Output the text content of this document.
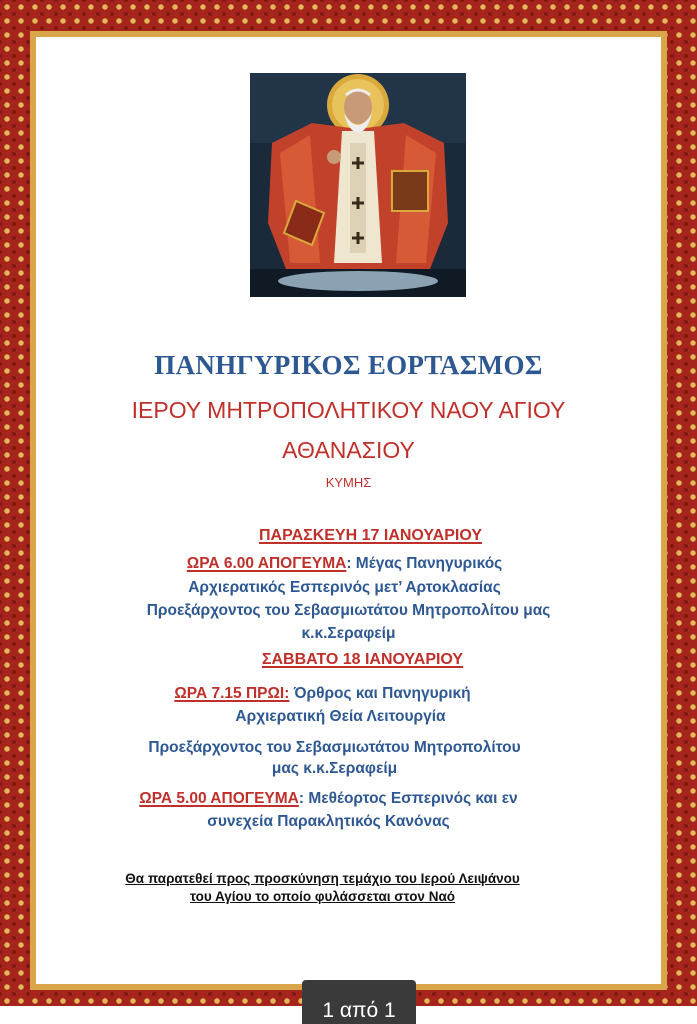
ΠΑΝΗΓΥΡΙΚΟΣ ΕΟΡΤΑΣΜΟΣ

ΙΕΡΟΥ ΜΗΤΡΟΠΟΛΗΤΙΚΟΥ ΝΑΟΥ ΑΓΙΟΥ

ΑΘΑΝΑΣΙΟΥ

ΚΥΜΗΣ

ΠΑΡΑΣΚΕΥΗ 17 ΙΑΝΟΥΑΡΙΟΥ

ΩΡΑ 6.00 ΑΠΟΓΕΥΜΑ: Μέγας Πανηγυρικός

Αρχιερατικός Εσπερινός μετ’ Αρτοκλασίας

Προεξάρχοντος του Σεβασμιωτάτου Μητροπολίτου μας

κ.κ.Σεραφείμ

ΣΑΒΒΑΤΟ 18 ΙΑΝΟΥΑΡΙΟΥ

ΩΡΑ 7.15 ΠΡΩΙ: Όρθρος και Πανηγυρική

Αρχιερατική Θεία Λειτουργία

Προεξάρχοντος του Σεβασμιωτάτου Μητροπολίτου

μας κ.κ.Σεραφείμ

ΩΡΑ 5.00 ΑΠΟΓΕΥΜΑ: Μεθέορτος Εσπερινός και εν

συνεχεία Παρακλητικός Κανόνας

Θα παρατεθεί προς προσκύνηση τεμάχιο του Ιερού Λειψάνου

του Αγίου το οποίο φυλάσσεται στον Ναό

1 από 1
